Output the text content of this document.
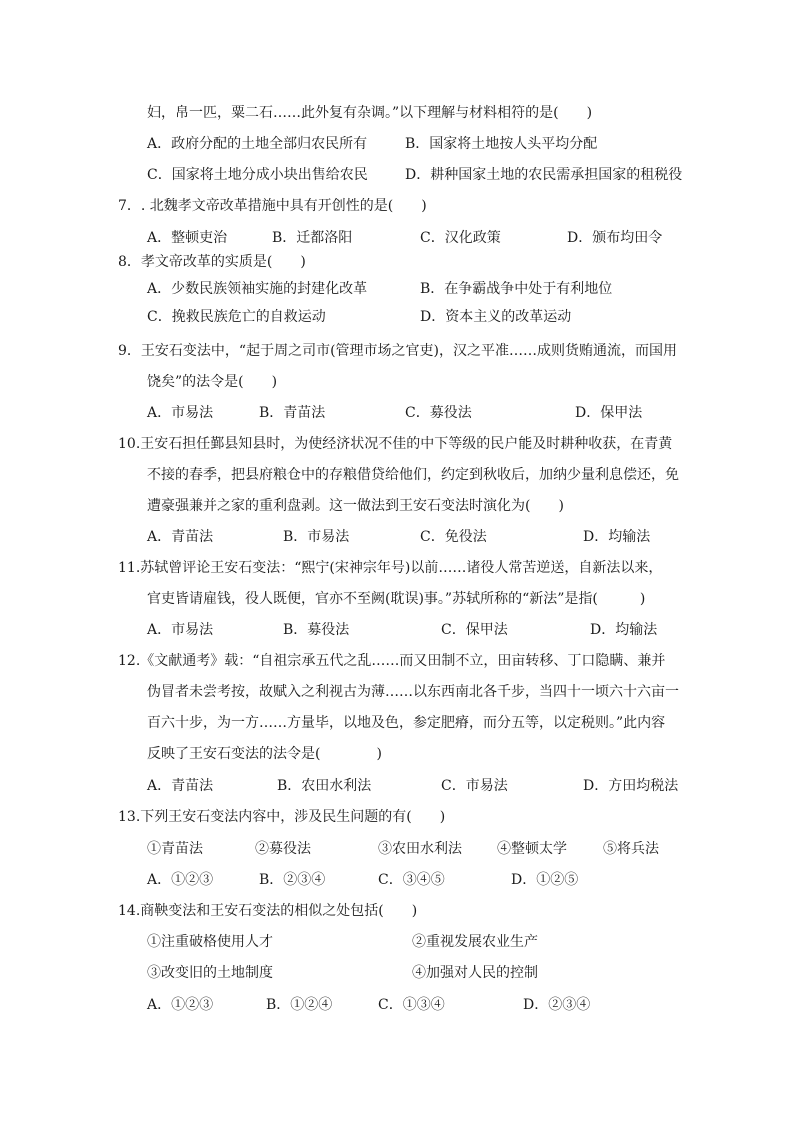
妇，帛一匹，粟二石……此外复有杂调。”以下理解与材料相符的是(　　)
A．政府分配的土地全部归农民所有	B．国家将土地按人头平均分配
C．国家将土地分成小块出售给农民	D．耕种国家土地的农民需承担国家的租税役
7．. 北魏孝文帝改革措施中具有开创性的是(　　)
A．整顿吏治	B．迁都洛阳	C．汉化政策	D．颁布均田令
8．孝文帝改革的实质是(　　)
A．少数民族领袖实施的封建化改革	B．在争霸战争中处于有利地位
C．挽救民族危亡的自救运动	D．资本主义的改革运动
9．王安石变法中，“起于周之司市(管理市场之官吏)，汉之平准……成则货贿通流，而国用
饶矣”的法令是(　　)
A．市易法	B．青苗法	C．募役法	D．保甲法
10.王安石担任鄞县知县时，为使经济状况不佳的中下等级的民户能及时耕种收获，在青黄
不接的春季，把县府粮仓中的存粮借贷给他们，约定到秋收后，加纳少量利息偿还，免
遭豪强兼并之家的重利盘剥。这一做法到王安石变法时演化为(　　)
A．青苗法	B．市易法	C．免役法	D．均输法
11.苏轼曾评论王安石变法：“熙宁(宋神宗年号)以前……诸役人常苦逆送，自新法以来，
官吏皆请雇钱，役人既便，官亦不至阙(耽误)事。”苏轼所称的“新法”是指(　　　)
A．市易法	B．募役法	C．保甲法	D．均输法
12.《文献通考》载：“自祖宗承五代之乱……而又田制不立，田亩转移、丁口隐瞒、兼并
伪冒者未尝考按，故赋入之利视古为薄……以东西南北各千步，当四十一顷六十六亩一
百六十步，为一方……方量毕，以地及色，参定肥瘠，而分五等，以定税则。”此内容
反映了王安石变法的法令是(　　　　)
A．青苗法	B．农田水利法	C．市易法	D．方田均税法
13.下列王安石变法内容中，涉及民生问题的有(　　)
①青苗法	②募役法	③农田水利法	④整顿太学	⑤将兵法
A．①②③	B．②③④	C．③④⑤	D．①②⑤
14.商鞅变法和王安石变法的相似之处包括(　　)
①注重破格使用人才	②重视发展农业生产
③改变旧的土地制度	④加强对人民的控制
A．①②③	B．①②④	C．①③④	D．②③④
